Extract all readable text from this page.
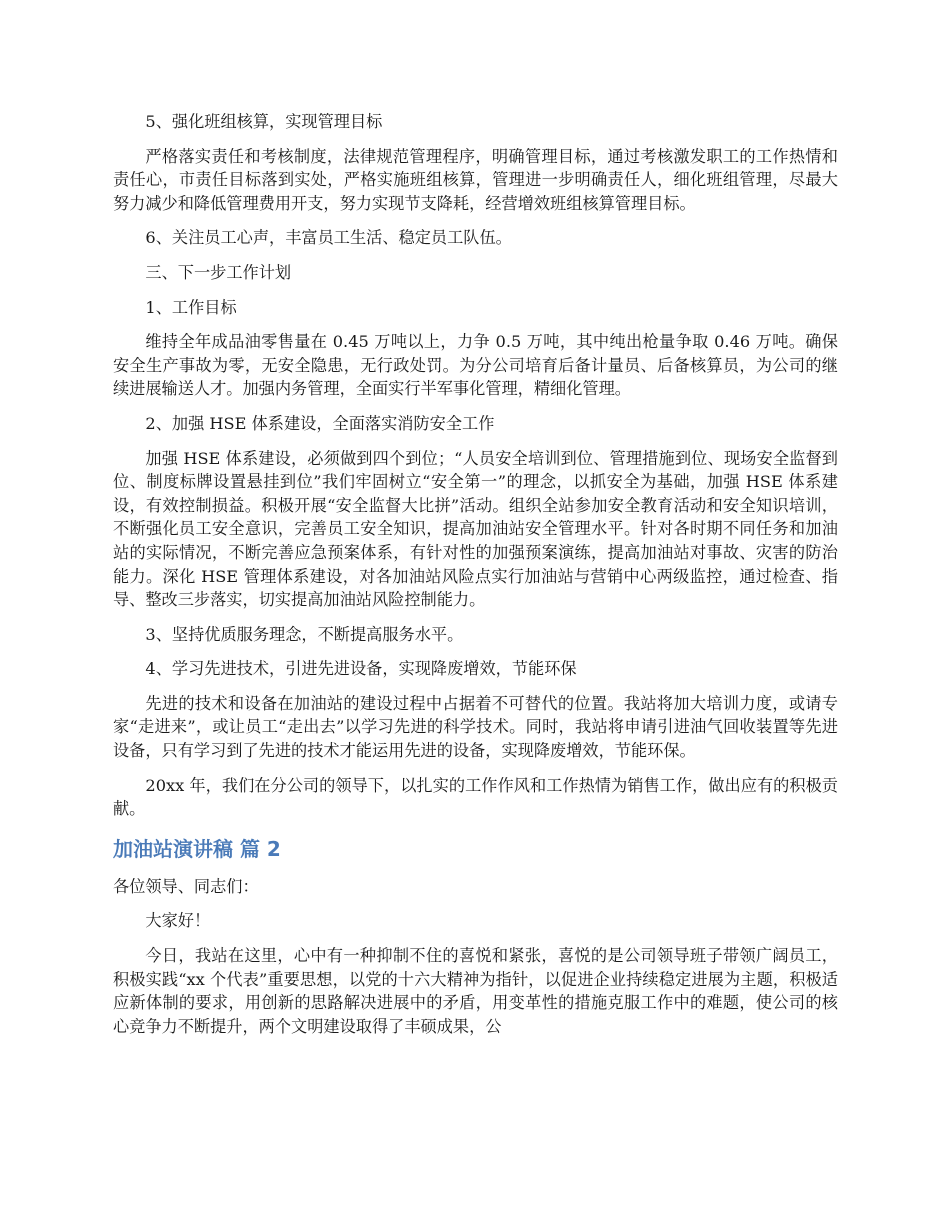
5、强化班组核算，实现管理目标

严格落实责任和考核制度，法律规范管理程序，明确管理目标，通过考核激发职工的工作热情和责任心，市责任目标落到实处，严格实施班组核算，管理进一步明确责任人，细化班组管理，尽最大努力减少和降低管理费用开支，努力实现节支降耗，经营增效班组核算管理目标。

6、关注员工心声，丰富员工生活、稳定员工队伍。

三、下一步工作计划

1、工作目标

维持全年成品油零售量在 0.45 万吨以上，力争 0.5 万吨，其中纯出枪量争取 0.46 万吨。确保安全生产事故为零，无安全隐患，无行政处罚。为分公司培育后备计量员、后备核算员，为公司的继续进展输送人才。加强内务管理，全面实行半军事化管理，精细化管理。

2、加强 HSE 体系建设，全面落实消防安全工作

加强 HSE 体系建设，必须做到四个到位；“人员安全培训到位、管理措施到位、现场安全监督到位、制度标牌设置悬挂到位”我们牢固树立“安全第一”的理念，以抓安全为基础，加强 HSE 体系建设，有效控制损益。积极开展“安全监督大比拼”活动。组织全站参加安全教育活动和安全知识培训，不断强化员工安全意识，完善员工安全知识，提高加油站安全管理水平。针对各时期不同任务和加油站的实际情况，不断完善应急预案体系，有针对性的加强预案演练，提高加油站对事故、灾害的防治能力。深化 HSE 管理体系建设，对各加油站风险点实行加油站与营销中心两级监控，通过检查、指导、整改三步落实，切实提高加油站风险控制能力。

3、坚持优质服务理念，不断提高服务水平。

4、学习先进技术，引进先进设备，实现降废增效，节能环保

先进的技术和设备在加油站的建设过程中占据着不可替代的位置。我站将加大培训力度，或请专家“走进来”，或让员工“走出去”以学习先进的科学技术。同时，我站将申请引进油气回收装置等先进设备，只有学习到了先进的技术才能运用先进的设备，实现降废增效，节能环保。

20xx 年，我们在分公司的领导下，以扎实的工作作风和工作热情为销售工作，做出应有的积极贡献。

加油站演讲稿 篇 2

各位领导、同志们：

大家好！

今日，我站在这里，心中有一种抑制不住的喜悦和紧张，喜悦的是公司领导班子带领广阔员工，积极实践“xx 个代表”重要思想，以党的十六大精神为指针，以促进企业持续稳定进展为主题，积极适应新体制的要求，用创新的思路解决进展中的矛盾，用变革性的措施克服工作中的难题，使公司的核心竞争力不断提升，两个文明建设取得了丰硕成果，公
